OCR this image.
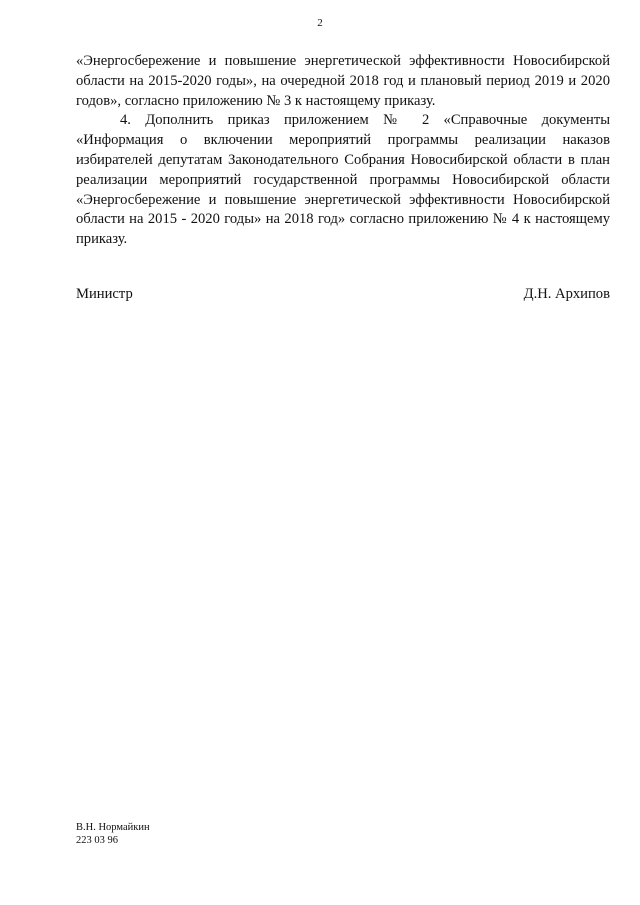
2

«Энергосбережение и повышение энергетической эффективности Новосибирской области на 2015-2020 годы», на очередной 2018 год и плановый период 2019 и 2020 годов», согласно приложению № 3 к настоящему приказу.

4. Дополнить приказ приложением № 2 «Справочные документы «Информация о включении мероприятий программы реализации наказов избирателей депутатам Законодательного Собрания Новосибирской области в план реализации мероприятий государственной программы Новосибирской области «Энергосбережение и повышение энергетической эффективности Новосибирской области на 2015 - 2020 годы» на 2018 год» согласно приложению № 4 к настоящему приказу.

Министр	Д.Н. Архипов
В.Н. Нормайкин
223 03 96
